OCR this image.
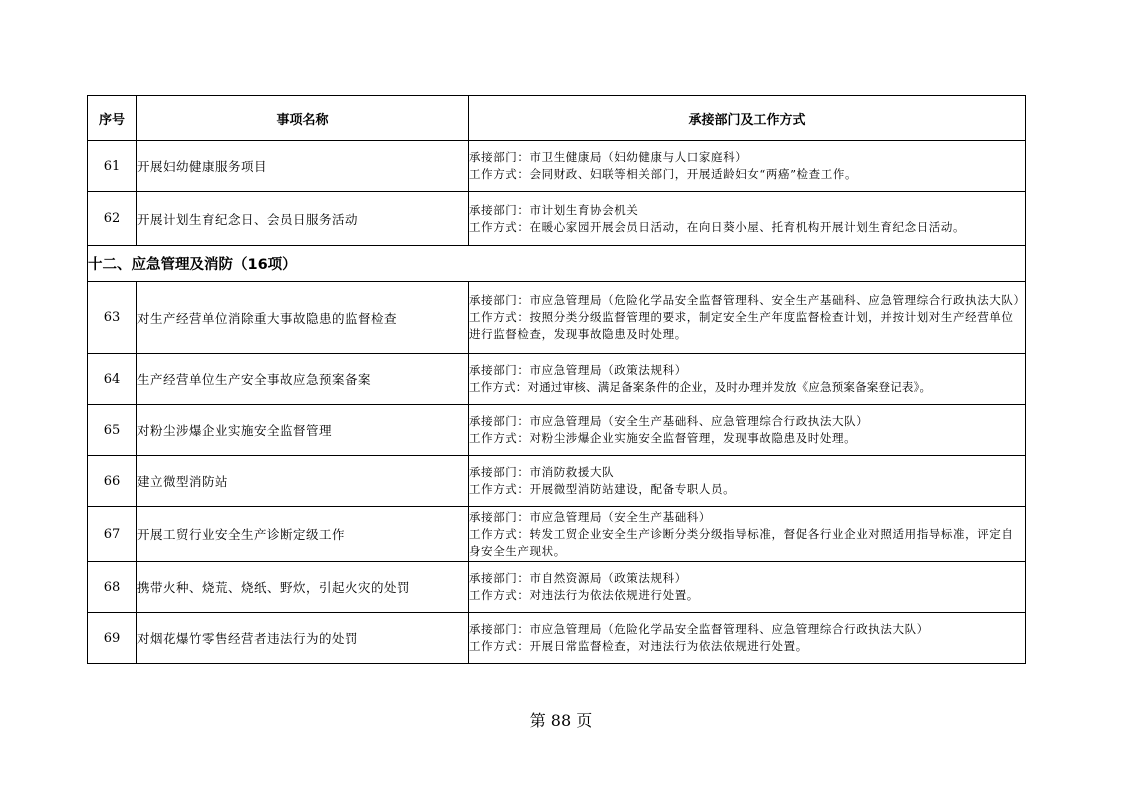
序号	事项名称	承接部门及工作方式
61	开展妇幼健康服务项目	承接部门：市卫生健康局（妇幼健康与人口家庭科）
工作方式：会同财政、妇联等相关部门，开展适龄妇女“两癌”检查工作。

62	开展计划生育纪念日、会员日服务活动	承接部门：市计划生育协会机关
工作方式：在暖心家园开展会员日活动，在向日葵小屋、托育机构开展计划生育纪念日活动。

十二、应急管理及消防（16项）		
63	对生产经营单位消除重大事故隐患的监督检查	承接部门：市应急管理局（危险化学品安全监督管理科、安全生产基础科、应急管理综合行政执法大队）
工作方式：按照分类分级监督管理的要求，制定安全生产年度监督检查计划，并按计划对生产经营单位进行监督检查，发现事故隐患及时处理。

64	生产经营单位生产安全事故应急预案备案	承接部门：市应急管理局（政策法规科）
工作方式：对通过审核、满足备案条件的企业，及时办理并发放《应急预案备案登记表》。

65	对粉尘涉爆企业实施安全监督管理	承接部门：市应急管理局（安全生产基础科、应急管理综合行政执法大队）
工作方式：对粉尘涉爆企业实施安全监督管理，发现事故隐患及时处理。

66	建立微型消防站	承接部门：市消防救援大队
工作方式：开展微型消防站建设，配备专职人员。

67	开展工贸行业安全生产诊断定级工作	承接部门：市应急管理局（安全生产基础科）
工作方式：转发工贸企业安全生产诊断分类分级指导标准，督促各行业企业对照适用指导标准，评定自身安全生产现状。

68	携带火种、烧荒、烧纸、野炊，引起火灾的处罚	承接部门：市自然资源局（政策法规科）
工作方式：对违法行为依法依规进行处置。

69	对烟花爆竹零售经营者违法行为的处罚	承接部门：市应急管理局（危险化学品安全监督管理科、应急管理综合行政执法大队）
工作方式：开展日常监督检查，对违法行为依法依规进行处置。
第 88 页
